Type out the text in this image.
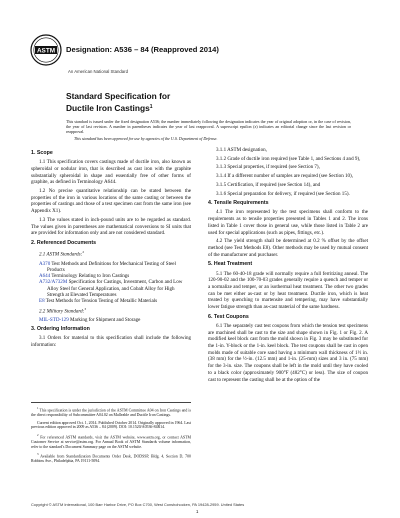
ASTM Designation: A536 – 84 (Reapproved 2014)
An American National Standard
Standard Specification for
Ductile Iron Castings$^1$

This standard is issued under the fixed designation A536; the number immediately following the designation indicates the year of original adoption or, in the case of revision, the year of last revision. A number in parentheses indicates the year of last reapproval. A superscript epsilon (ε) indicates an editorial change since the last revision or reapproval.

This standard has been approved for use by agencies of the U.S. Department of Defense.

1. Scope

1.1 This specification covers castings made of ductile iron, also known as spheroidal or nodular iron, that is described as cast iron with the graphite substantially spheroidal in shape and essentially free of other forms of graphite, as defined in Terminology A644.

1.2 No precise quantitative relationship can be stated between the properties of the iron in various locations of the same casting or between the properties of castings and those of a test specimen cast from the same iron (see Appendix X1).

1.3 The values stated in inch-pound units are to be regarded as standard. The values given in parentheses are mathematical conversions to SI units that are provided for information only and are not considered standard.

2. Referenced Documents

2.1 ASTM Standards:$^2$

A370 Test Methods and Definitions for Mechanical Testing of Steel Products
A644 Terminology Relating to Iron Castings
A732/A732M Specification for Castings, Investment, Carbon and Low Alloy Steel for General Application, and Cobalt Alloy for High Strength at Elevated Temperatures
E8 Test Methods for Tension Testing of Metallic Materials

2.2 Military Standard:$^3$

MIL-STD-129 Marking for Shipment and Storage
3. Ordering Information

3.1 Orders for material to this specification shall include the following information:

3.1.1 ASTM designation,

3.1.2 Grade of ductile iron required (see Table 1, and Sections 4 and 9),

3.1.3 Special properties, if required (see Section 7),

3.1.4 If a different number of samples are required (see Section 10),

3.1.5 Certification, if required (see Section 14), and

3.1.6 Special preparation for delivery, if required (see Section 15).

4. Tensile Requirements

4.1 The iron represented by the test specimens shall conform to the requirements as to tensile properties presented in Tables 1 and 2. The irons listed in Table 1 cover those in general use, while those listed in Table 2 are used for special applications (such as pipes, fittings, etc.).

4.2 The yield strength shall be determined at 0.2 % offset by the offset method (see Test Methods E8). Other methods may be used by mutual consent of the manufacturer and purchaser.

5. Heat Treatment

5.1 The 60-40-18 grade will normally require a full ferritizing anneal. The 120-90-02 and the 100-70-03 grades generally require a quench and temper or a normalize and temper, or an isothermal heat treatment. The other two grades can be met either as-cast or by heat treatment. Ductile iron, which is heat treated by quenching to martensite and tempering, may have substantially lower fatigue strength than as-cast material of the same hardness.

6. Test Coupons

6.1 The separately cast test coupons from which the tension test specimens are machined shall be cast to the size and shape shown in Fig. 1 or Fig. 2. A modified keel block cast from the mold shown in Fig. 3 may be substituted for the 1-in. Y-block or the 1-in. keel block. The test coupons shall be cast in open molds made of suitable core sand having a minimum wall thickness of 1½ in. (38 mm) for the ½-in. (12.5 mm) and 1-in. (25-mm) sizes and 3 in. (75 mm) for the 3-in. size. The coupons shall be left in the mold until they have cooled to a black color (approximately 900°F (482°C) or less). The size of coupon cast to represent the casting shall be at the option of the

$^1$ This specification is under the jurisdiction of the ASTM Committee A04 on Iron Castings and is the direct responsibility of Subcommittee A04.02 on Malleable and Ductile Iron Castings.

Current edition approved Oct. 1, 2014. Published October 2014. Originally approved in 1964. Last previous edition approved in 2009 as A536 – 84 (2009). DOI: 10.1520/A0536-84R14.

$^2$ For referenced ASTM standards, visit the ASTM website, www.astm.org, or contact ASTM Customer Service at service@astm.org. For Annual Book of ASTM Standards volume information, refer to the standard's Document Summary page on the ASTM website.

$^3$ Available from Standardization Documents Order Desk, DODSSP, Bldg. 4, Section D, 700 Robbins Ave., Philadelphia, PA 19111-5094.

Copyright © ASTM International, 100 Barr Harbor Drive, PO Box C700, West Conshohocken, PA 19428-2959. United States
1
